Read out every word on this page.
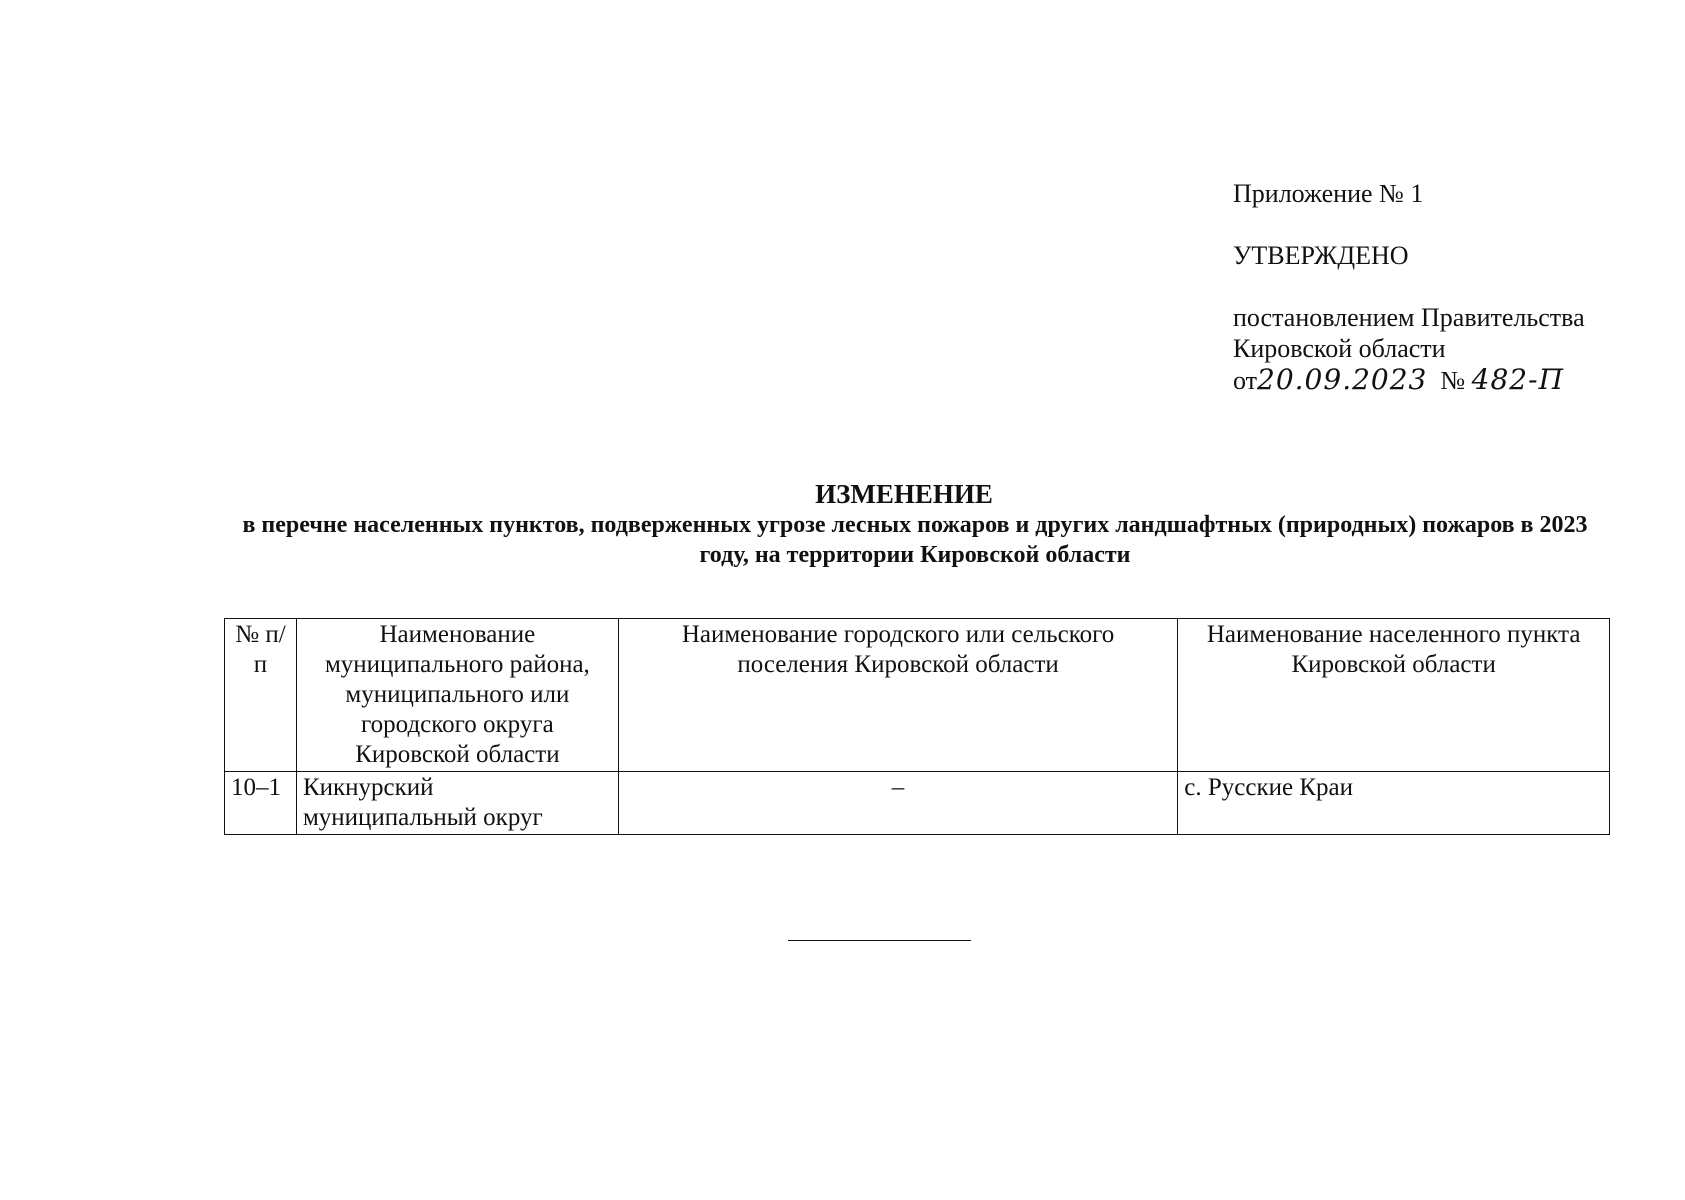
Приложение № 1
УТВЕРЖДЕНО
постановлением Правительства
Кировской области
от20.09.2023 № 482-П
ИЗМЕНЕНИЕ
в перечне населенных пунктов, подверженных угрозе лесных пожаров и других ландшафтных (природных) пожаров в 2023 году, на территории Кировской области
№ п/п	Наименование муниципального района, муниципального или городского округа Кировской области	Наименование городского или сельского поселения Кировской области	Наименование населенного пункта Кировской области
10–1	Кикнурский муниципальный округ	–	с. Русские Краи
